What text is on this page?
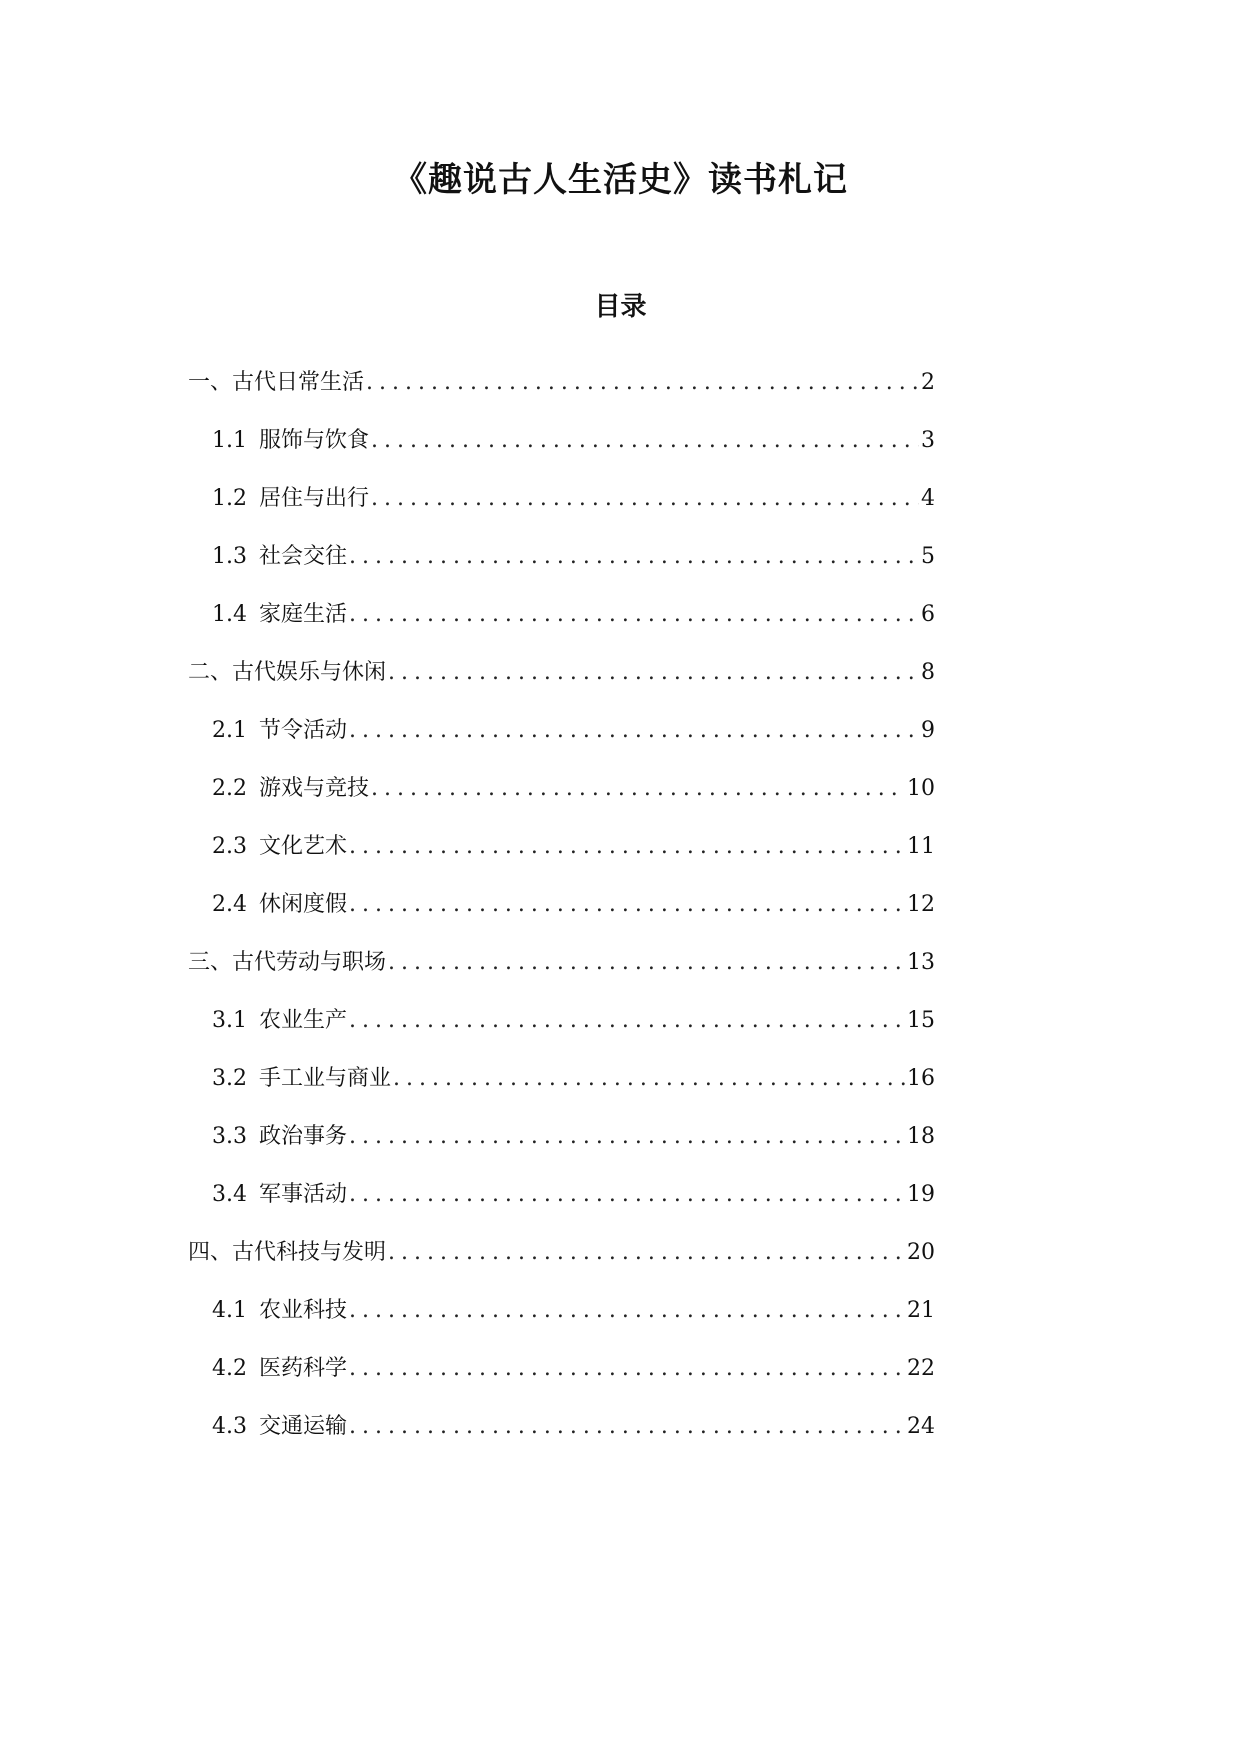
《趣说古人生活史》读书札记
目录
一、古代日常生活 .....	2
1.1 服饰与饮食 .....	3
1.2 居住与出行 .....	4
1.3 社会交往 .....	5
1.4 家庭生活 .....	6
二、古代娱乐与休闲 .....	8
2.1 节令活动 .....	9
2.2 游戏与竞技 .....	10
2.3 文化艺术 .....	11
2.4 休闲度假 .....	12
三、古代劳动与职场 .....	13
3.1 农业生产 .....	15
3.2 手工业与商业 .....	16
3.3 政治事务 .....	18
3.4 军事活动 .....	19
四、古代科技与发明 .....	20
4.1 农业科技 .....	21
4.2 医药科学 .....	22
4.3 交通运输 .....	24
